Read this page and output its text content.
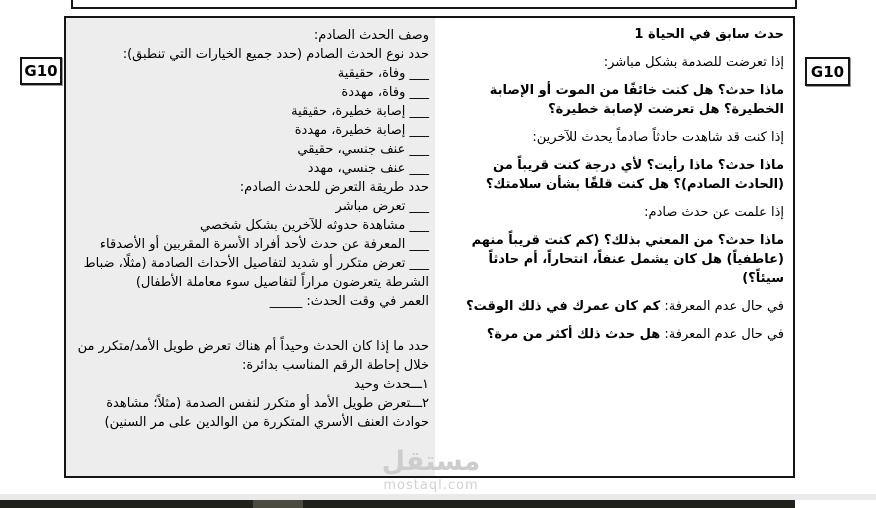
وصف الحدث الصادم:
حدد نوع الحدث الصادم (حدد جميع الخيارات التي تنطبق):
___ وفاة، حقيقية
___ وفاة، مهددة
___ إصابة خطيرة، حقيقية
___ إصابة خطيرة، مهددة
___ عنف جنسي، حقيقي
___ عنف جنسي، مهدد
حدد طريقة التعرض للحدث الصادم:
___ تعرض مباشر
___ مشاهدة حدوثه للآخرين بشكل شخصي
___ المعرفة عن حدث لأحد أفراد الأسرة المقربين أو الأصدقاء
___ تعرض متكرر أو شديد لتفاصيل الأحداث الصادمة (مثلًا، ضباط الشرطة يتعرضون مراراً لتفاصيل سوء معاملة الأطفال)
العمر في وقت الحدث: _____
حدد ما إذا كان الحدث وحيداً أم هناك تعرض طويل الأمد/متكرر من خلال إحاطة الرقم المناسب بدائرة:
١ـــحدث وحيد
٢ـــتعرض طويل الأمد أو متكرر لنفس الصدمة (مثلاً؛ مشاهدة حوادث العنف الأسري المتكررة من الوالدين على مر السنين)

حدث سابق في الحياة 1

إذا تعرضت للصدمة بشكل مباشر:

ماذا حدث؟ هل كنت خائفًا من الموت أو الإصابة الخطيرة؟ هل تعرضت لإصابة خطيرة؟

إذا كنت قد شاهدت حادثاً صادماً يحدث للآخرين:

ماذا حدث؟ ماذا رأيت؟ لأي درجة كنت قريباً من (الحادث الصادم)؟ هل كنت قلقًا بشأن سلامتك؟

إذا علمت عن حدث صادم:

ماذا حدث؟ من المعني بذلك؟ (كم كنت قريباً منهم (عاطفياً) هل كان يشمل عنفاً، انتحاراً، أم حادثاً سيئاً؟)

في حال عدم المعرفة: كم كان عمرك في ذلك الوقت؟

في حال عدم المعرفة: هل حدث ذلك أكثر من مرة؟

G10	G10
مستقل
mostaql.com
